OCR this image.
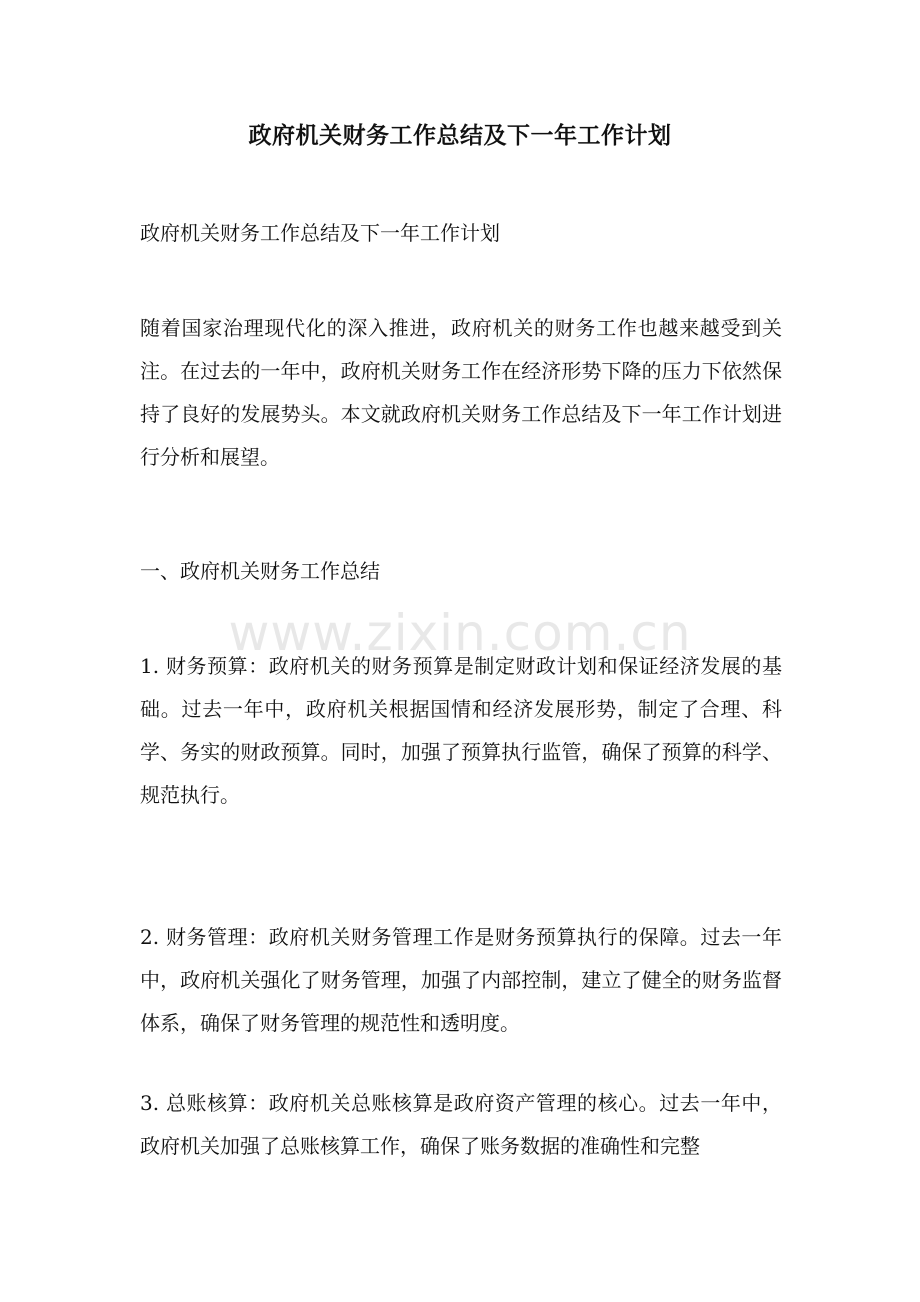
政府机关财务工作总结及下一年工作计划

政府机关财务工作总结及下一年工作计划

随着国家治理现代化的深入推进，政府机关的财务工作也越来越受到关注。在过去的一年中，政府机关财务工作在经济形势下降的压力下依然保持了良好的发展势头。本文就政府机关财务工作总结及下一年工作计划进行分析和展望。

一、政府机关财务工作总结

1. 财务预算：政府机关的财务预算是制定财政计划和保证经济发展的基础。过去一年中，政府机关根据国情和经济发展形势，制定了合理、科学、务实的财政预算。同时，加强了预算执行监管，确保了预算的科学、规范执行。

2. 财务管理：政府机关财务管理工作是财务预算执行的保障。过去一年中，政府机关强化了财务管理，加强了内部控制，建立了健全的财务监督体系，确保了财务管理的规范性和透明度。

3. 总账核算：政府机关总账核算是政府资产管理的核心。过去一年中，政府机关加强了总账核算工作，确保了账务数据的准确性和完整

www.zixin.com.cn
